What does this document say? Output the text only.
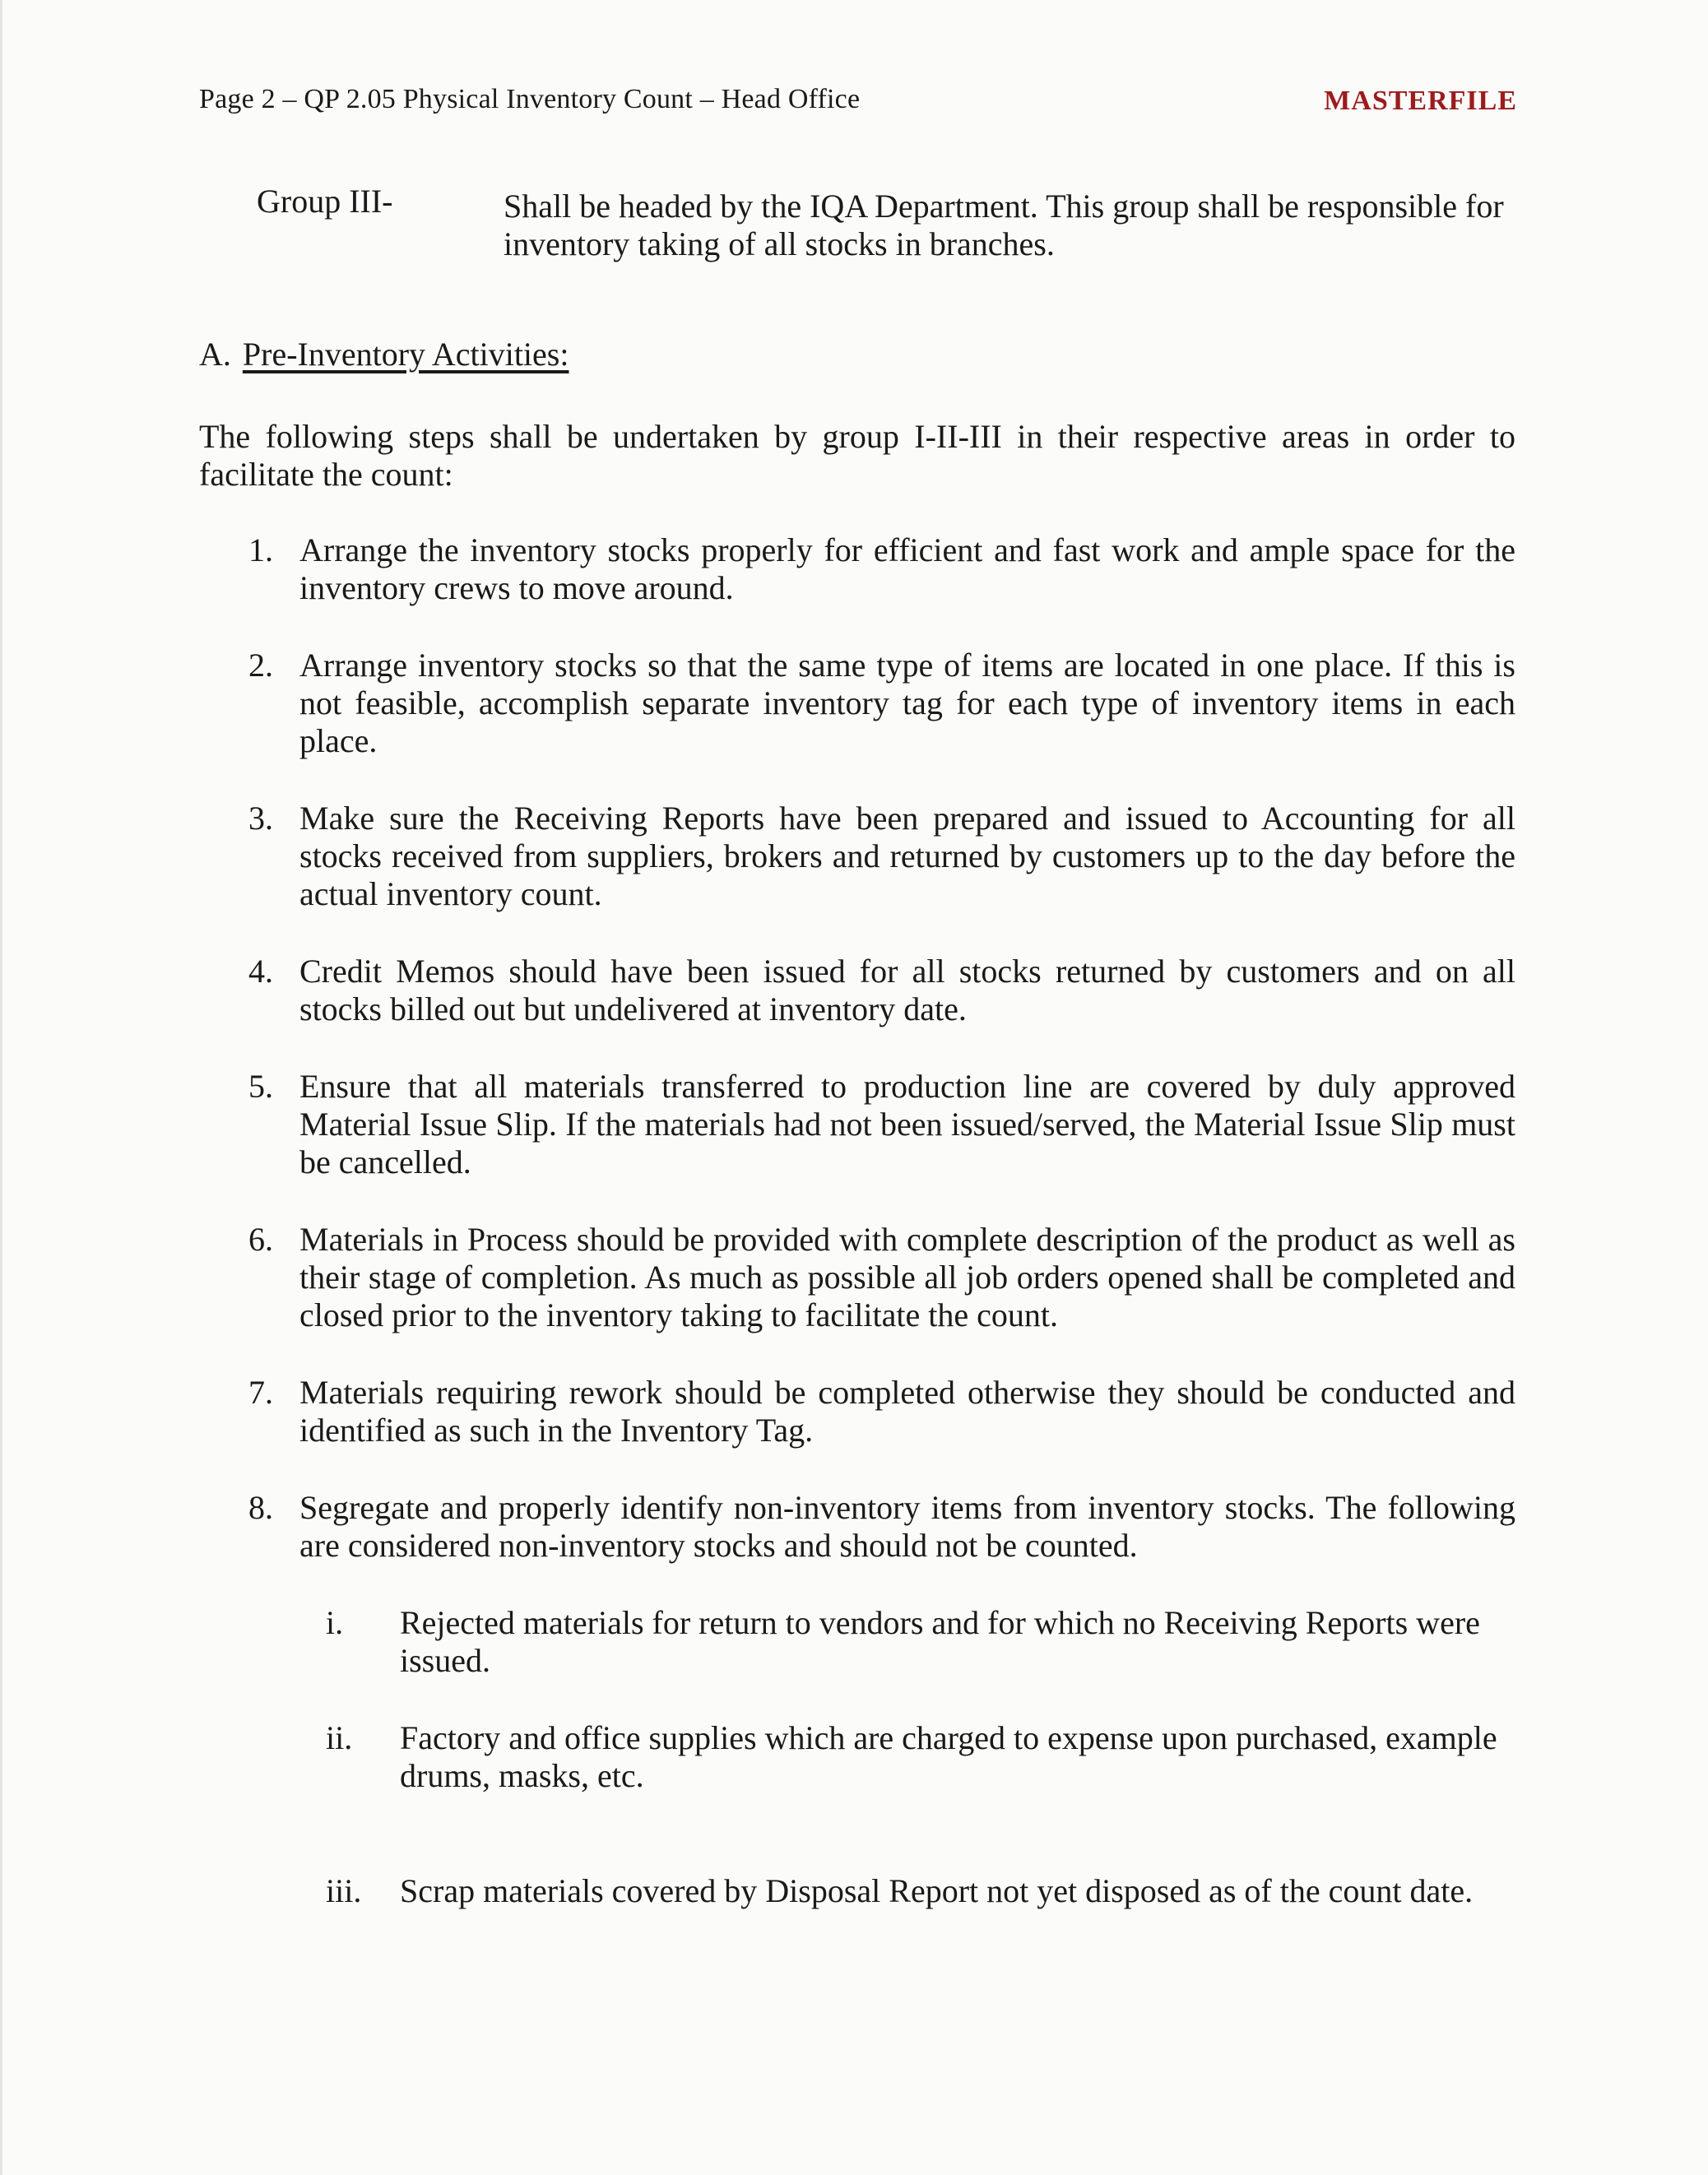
Page 2 – QP 2.05 Physical Inventory Count – Head Office	MASTERFILE
Group III-	Shall be headed by the IQA Department. This group shall be responsible for inventory taking of all stocks in branches.
A. Pre-Inventory Activities:
The following steps shall be undertaken by group I-II-III in their respective areas in order to facilitate the count:
1. Arrange the inventory stocks properly for efficient and fast work and ample space for the inventory crews to move around.
2. Arrange inventory stocks so that the same type of items are located in one place. If this is not feasible, accomplish separate inventory tag for each type of inventory items in each place.
3. Make sure the Receiving Reports have been prepared and issued to Accounting for all stocks received from suppliers, brokers and returned by customers up to the day before the actual inventory count.
4. Credit Memos should have been issued for all stocks returned by customers and on all stocks billed out but undelivered at inventory date.
5. Ensure that all materials transferred to production line are covered by duly approved Material Issue Slip. If the materials had not been issued/served, the Material Issue Slip must be cancelled.
6. Materials in Process should be provided with complete description of the product as well as their stage of completion. As much as possible all job orders opened shall be completed and closed prior to the inventory taking to facilitate the count.
7. Materials requiring rework should be completed otherwise they should be conducted and identified as such in the Inventory Tag.
8. Segregate and properly identify non-inventory items from inventory stocks. The following are considered non-inventory stocks and should not be counted.
i. Rejected materials for return to vendors and for which no Receiving Reports were issued.
ii. Factory and office supplies which are charged to expense upon purchased, example drums, masks, etc.
iii. Scrap materials covered by Disposal Report not yet disposed as of the count date.
